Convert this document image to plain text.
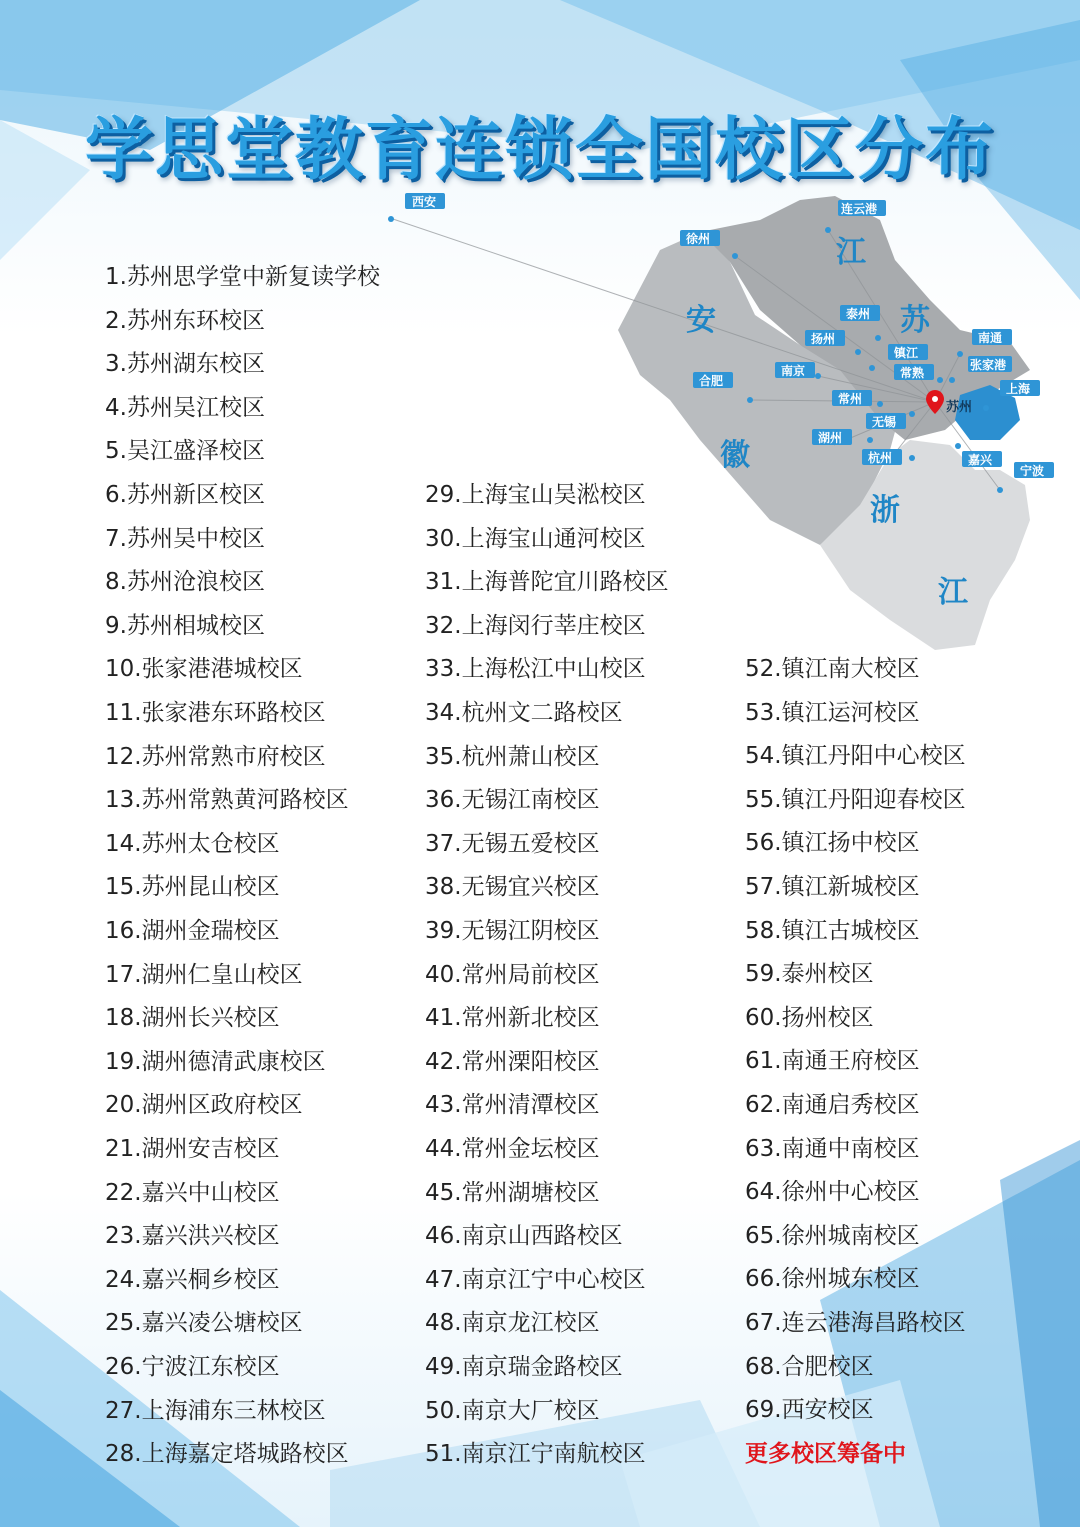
学思堂教育连锁全国校区分布
安
徽
江
苏
浙
江
西安	连云港
徐州
泰州
扬州
南京
镇江
常熟
南通
张家港
上海
合肥
常州
无锡
苏州
湖州
杭州	嘉兴
宁波
1.苏州思学堂中新复读学校
2.苏州东环校区
3.苏州湖东校区
4.苏州吴江校区
5.吴江盛泽校区
6.苏州新区校区
7.苏州吴中校区
8.苏州沧浪校区
9.苏州相城校区
10.张家港港城校区
11.张家港东环路校区
12.苏州常熟市府校区
13.苏州常熟黄河路校区
14.苏州太仓校区
15.苏州昆山校区
16.湖州金瑞校区
17.湖州仁皇山校区
18.湖州长兴校区
19.湖州德清武康校区
20.湖州区政府校区
21.湖州安吉校区
22.嘉兴中山校区
23.嘉兴洪兴校区
24.嘉兴桐乡校区
25.嘉兴凌公塘校区
26.宁波江东校区
27.上海浦东三林校区
28.上海嘉定塔城路校区
29.上海宝山吴淞校区
30.上海宝山通河校区
31.上海普陀宜川路校区
32.上海闵行莘庄校区
33.上海松江中山校区
34.杭州文二路校区
35.杭州萧山校区
36.无锡江南校区
37.无锡五爱校区
38.无锡宜兴校区
39.无锡江阴校区
40.常州局前校区
41.常州新北校区
42.常州溧阳校区
43.常州清潭校区
44.常州金坛校区
45.常州湖塘校区
46.南京山西路校区
47.南京江宁中心校区
48.南京龙江校区
49.南京瑞金路校区
50.南京大厂校区
51.南京江宁南航校区
52.镇江南大校区
53.镇江运河校区
54.镇江丹阳中心校区
55.镇江丹阳迎春校区
56.镇江扬中校区
57.镇江新城校区
58.镇江古城校区
59.泰州校区
60.扬州校区
61.南通王府校区
62.南通启秀校区
63.南通中南校区
64.徐州中心校区
65.徐州城南校区
66.徐州城东校区
67.连云港海昌路校区
68.合肥校区
69.西安校区
更多校区筹备中
